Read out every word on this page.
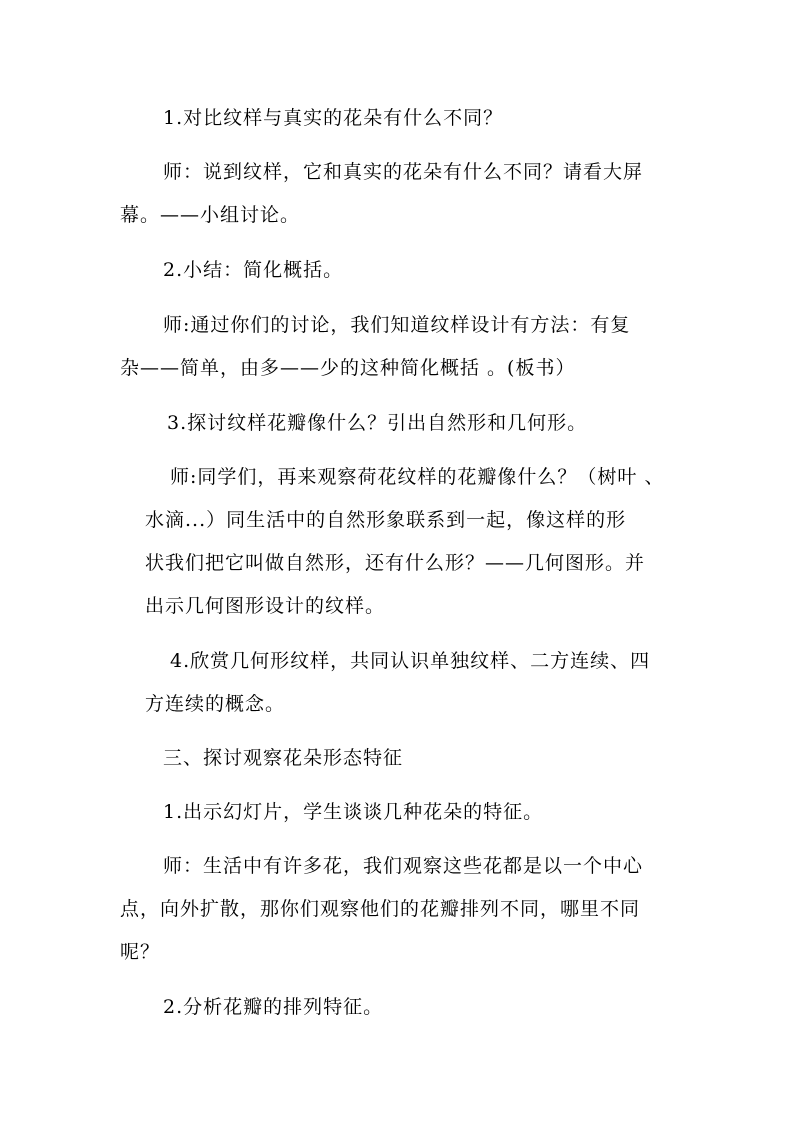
1.对比纹样与真实的花朵有什么不同？
师：说到纹样，它和真实的花朵有什么不同？请看大屏
幕。——小组讨论。
2.小结：简化概括。
师:通过你们的讨论，我们知道纹样设计有方法：有复
杂——简单，由多——少的这种简化概括 。(板书）
3.探讨纹样花瓣像什么？引出自然形和几何形。
师:同学们，再来观察荷花纹样的花瓣像什么？（树叶 、
水滴...）同生活中的自然形象联系到一起，像这样的形
状我们把它叫做自然形，还有什么形？——几何图形。并
出示几何图形设计的纹样。
4.欣赏几何形纹样，共同认识单独纹样、二方连续、四
方连续的概念。
三、探讨观察花朵形态特征
1.出示幻灯片，学生谈谈几种花朵的特征。
师：生活中有许多花，我们观察这些花都是以一个中心
点，向外扩散，那你们观察他们的花瓣排列不同，哪里不同
呢？
2.分析花瓣的排列特征。
